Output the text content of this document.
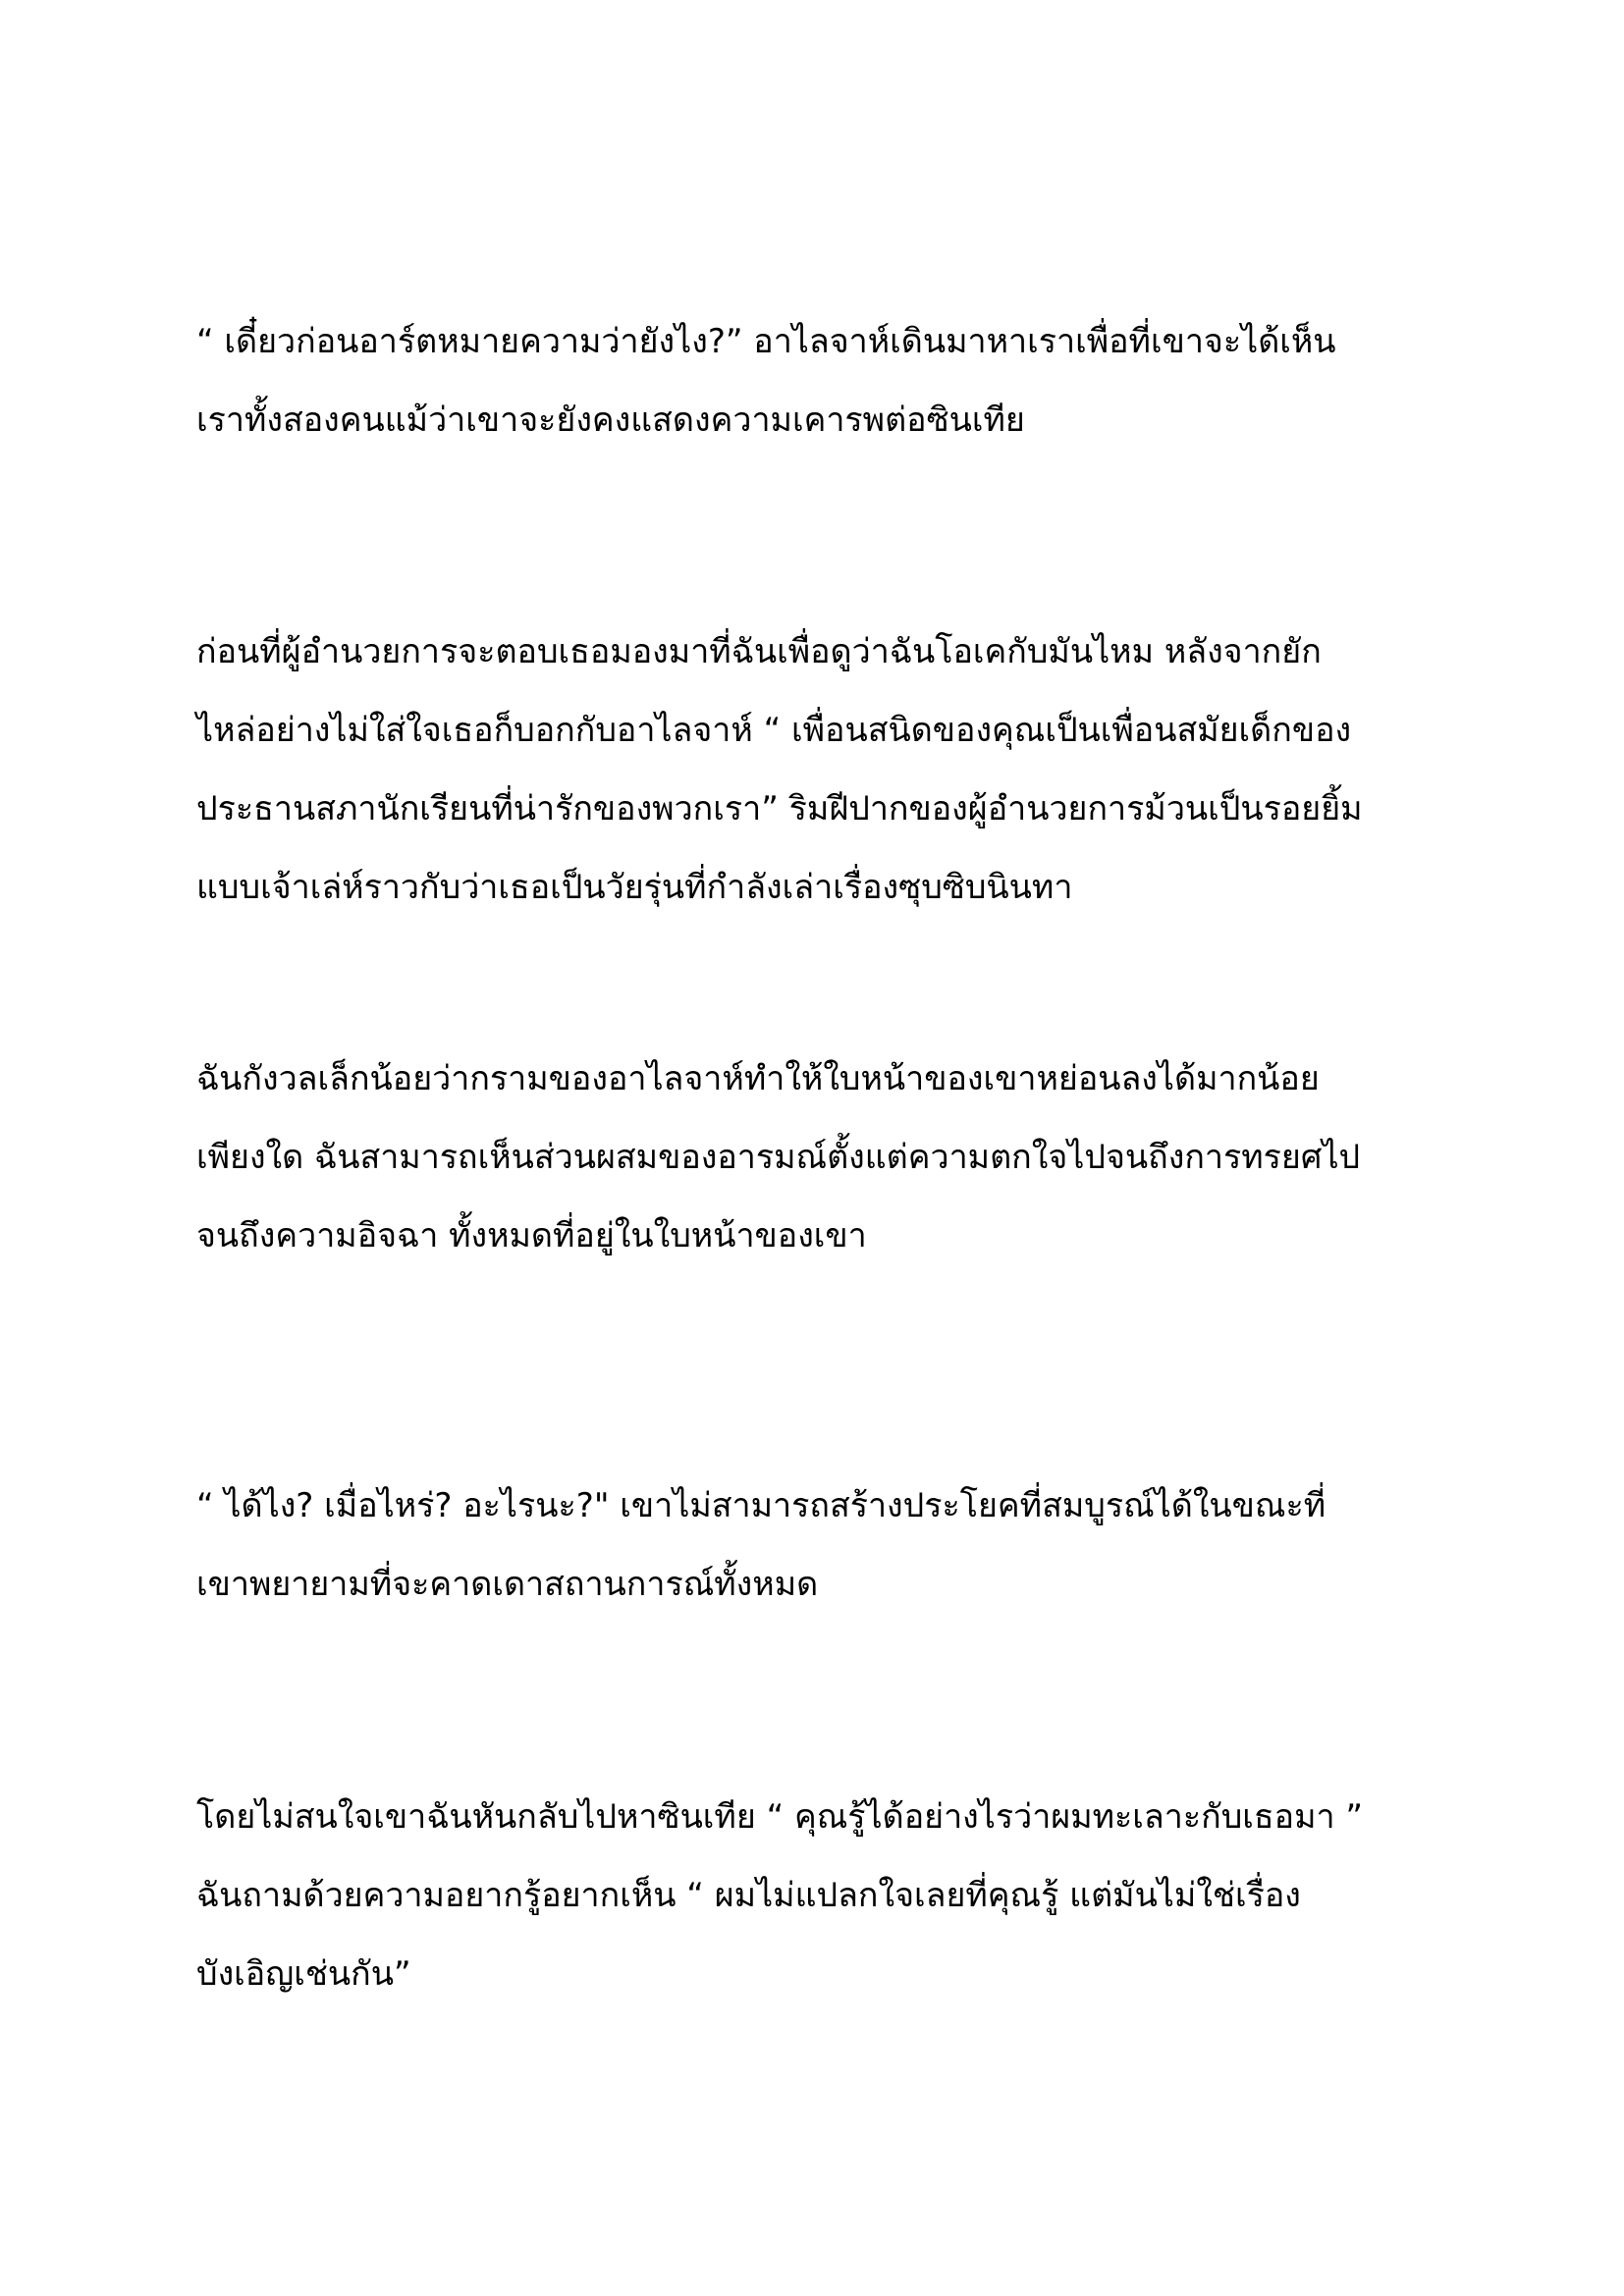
“ เดี๋ยวก่อนอาร์ตหมายความว่ายังไง?” อาไลจาห์เดินมาหาเราเพื่อที่เขาจะได้เห็น
เราทั้งสองคนแม้ว่าเขาจะยังคงแสดงความเคารพต่อซินเทีย

ก่อนที่ผู้อำนวยการจะตอบเธอมองมาที่ฉันเพื่อดูว่าฉันโอเคกับมันไหม หลังจากยัก
ไหล่อย่างไม่ใส่ใจเธอก็บอกกับอาไลจาห์ “ เพื่อนสนิดของคุณเป็นเพื่อนสมัยเด็กของ
ประธานสภานักเรียนที่น่ารักของพวกเรา” ริมฝีปากของผู้อำนวยการม้วนเป็นรอยยิ้ม
แบบเจ้าเล่ห์ราวกับว่าเธอเป็นวัยรุ่นที่กำลังเล่าเรื่องซุบซิบนินทา

ฉันกังวลเล็กน้อยว่ากรามของอาไลจาห์ทำให้ใบหน้าของเขาหย่อนลงได้มากน้อย
เพียงใด ฉันสามารถเห็นส่วนผสมของอารมณ์ตั้งแต่ความตกใจไปจนถึงการทรยศไป
จนถึงความอิจฉา ทั้งหมดที่อยู่ในใบหน้าของเขา

“ ได้ไง? เมื่อไหร่? อะไรนะ?" เขาไม่สามารถสร้างประโยคที่สมบูรณ์ได้ในขณะที่
เขาพยายามที่จะคาดเดาสถานการณ์ทั้งหมด

โดยไม่สนใจเขาฉันหันกลับไปหาซินเทีย “ คุณรู้ได้อย่างไรว่าผมทะเลาะกับเธอมา ”
ฉันถามด้วยความอยากรู้อยากเห็น “ ผมไม่แปลกใจเลยที่คุณรู้ แต่มันไม่ใช่เรื่อง
บังเอิญเช่นกัน”
